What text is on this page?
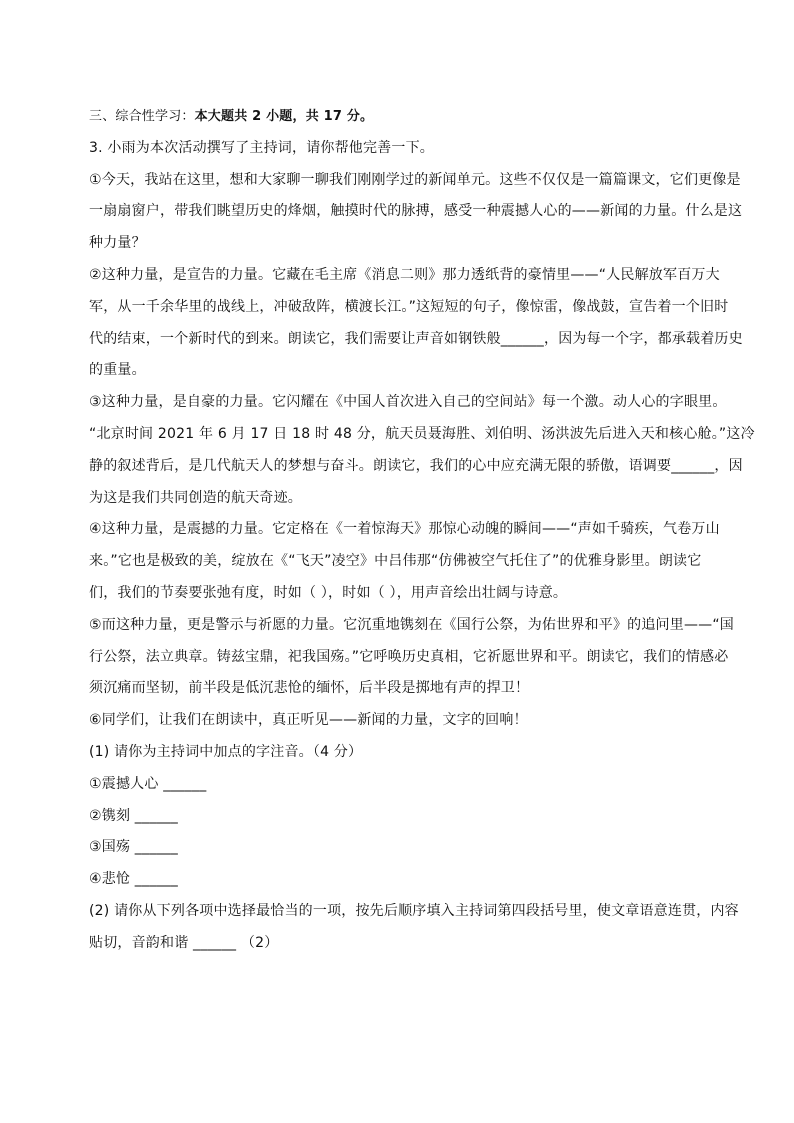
三、综合性学习：本大题共 2 小题，共 17 分。
3. 小雨为本次活动撰写了主持词，请你帮他完善一下。
①今天，我站在这里，想和大家聊一聊我们刚刚学过的新闻单元。这些不仅仅是一篇篇课文，它们更像是
一扇扇窗户，带我们眺望历史的烽烟，触摸时代的脉搏，感受一种震撼人心的——新闻的力量。什么是这
种力量？
②这种力量，是宣告的力量。它藏在毛主席《消息二则》那力透纸背的豪情里——“人民解放军百万大
军，从一千余华里的战线上，冲破敌阵，横渡长江。”这短短的句子，像惊雷，像战鼓，宣告着一个旧时
代的结束，一个新时代的到来。朗读它，我们需要让声音如钢铁般______，因为每一个字，都承载着历史
的重量。
③这种力量，是自豪的力量。它闪耀在《中国人首次进入自己的空间站》每一个激。动人心的字眼里。
“北京时间 2021 年 6 月 17 日 18 时 48 分，航天员聂海胜、刘伯明、汤洪波先后进入天和核心舱。”这冷
静的叙述背后，是几代航天人的梦想与奋斗。朗读它，我们的心中应充满无限的骄傲，语调要______，因
为这是我们共同创造的航天奇迹。
④这种力量，是震撼的力量。它定格在《一着惊海天》那惊心动魄的瞬间——“声如千骑疾，气卷万山
来。”它也是极致的美，绽放在《“飞天”凌空》中吕伟那“仿佛被空气托住了”的优雅身影里。朗读它
们，我们的节奏要张弛有度，时如（ ），时如（ ），用声音绘出壮阔与诗意。
⑤而这种力量，更是警示与祈愿的力量。它沉重地镌刻在《国行公祭，为佑世界和平》的追问里——“国
行公祭，法立典章。铸兹宝鼎，祀我国殇。”它呼唤历史真相，它祈愿世界和平。朗读它，我们的情感必
须沉痛而坚韧，前半段是低沉悲怆的缅怀，后半段是掷地有声的捍卫！
⑥同学们，让我们在朗读中，真正听见——新闻的力量，文字的回响！
(1) 请你为主持词中加点的字注音。（4 分）
①震撼人心 ______
②镌刻 ______
③国殇 ______
④悲怆 ______
(2) 请你从下列各项中选择最恰当的一项，按先后顺序填入主持词第四段括号里，使文章语意连贯，内容
贴切，音韵和谐 ______ （2）
